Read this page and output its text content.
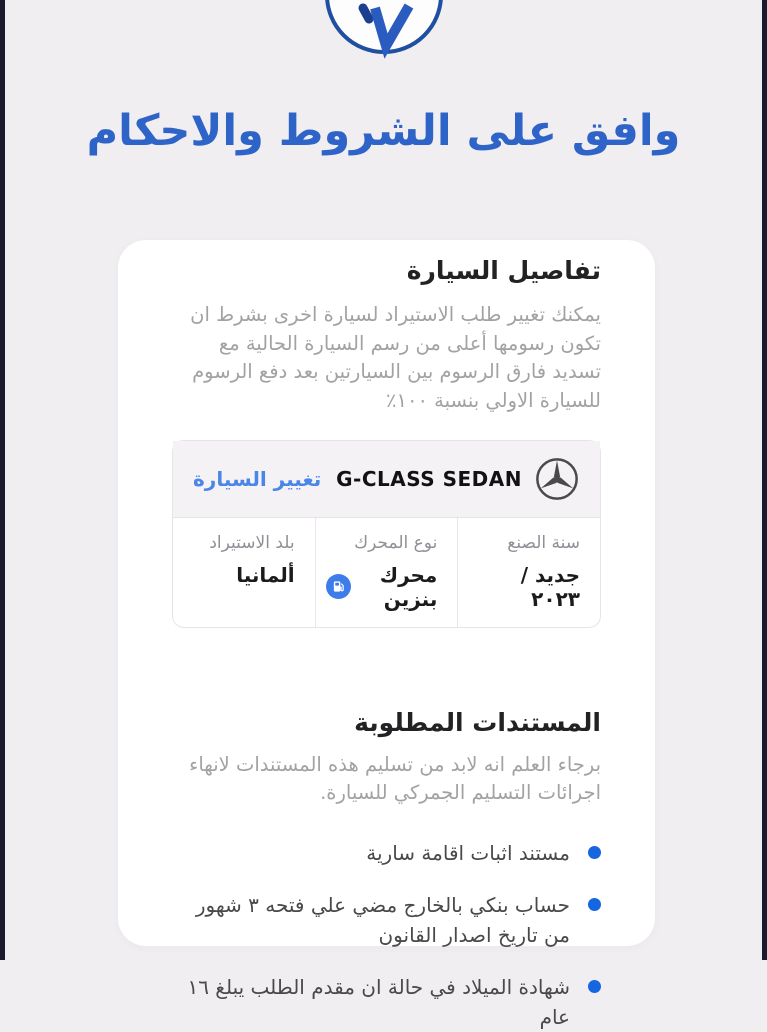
وافق على الشروط والاحكام
تفاصيل السيارة

يمكنك تغيير طلب الاستيراد لسيارة اخرى بشرط ان تكون رسومها أعلى من رسم السيارة الحالية مع تسديد فارق الرسوم بين السيارتين بعد دفع الرسوم للسيارة الاولي بنسبة ١٠٠٪

G-CLASS SEDAN
تغيير السيارة
سنة الصنع
جديد / ٢٠٢٣
نوع المحرك
محرك بنزين
بلد الاستيراد
ألمانيا
المستندات المطلوبة

برجاء العلم انه لابد من تسليم هذه المستندات لانهاء اجرائات التسليم الجمركي للسيارة.

مستند اثبات اقامة سارية
حساب بنكي بالخارج مضي علي فتحه ٣ شهور من تاريخ اصدار القانون
شهادة الميلاد في حالة ان مقدم الطلب يبلغ ١٦ عام
